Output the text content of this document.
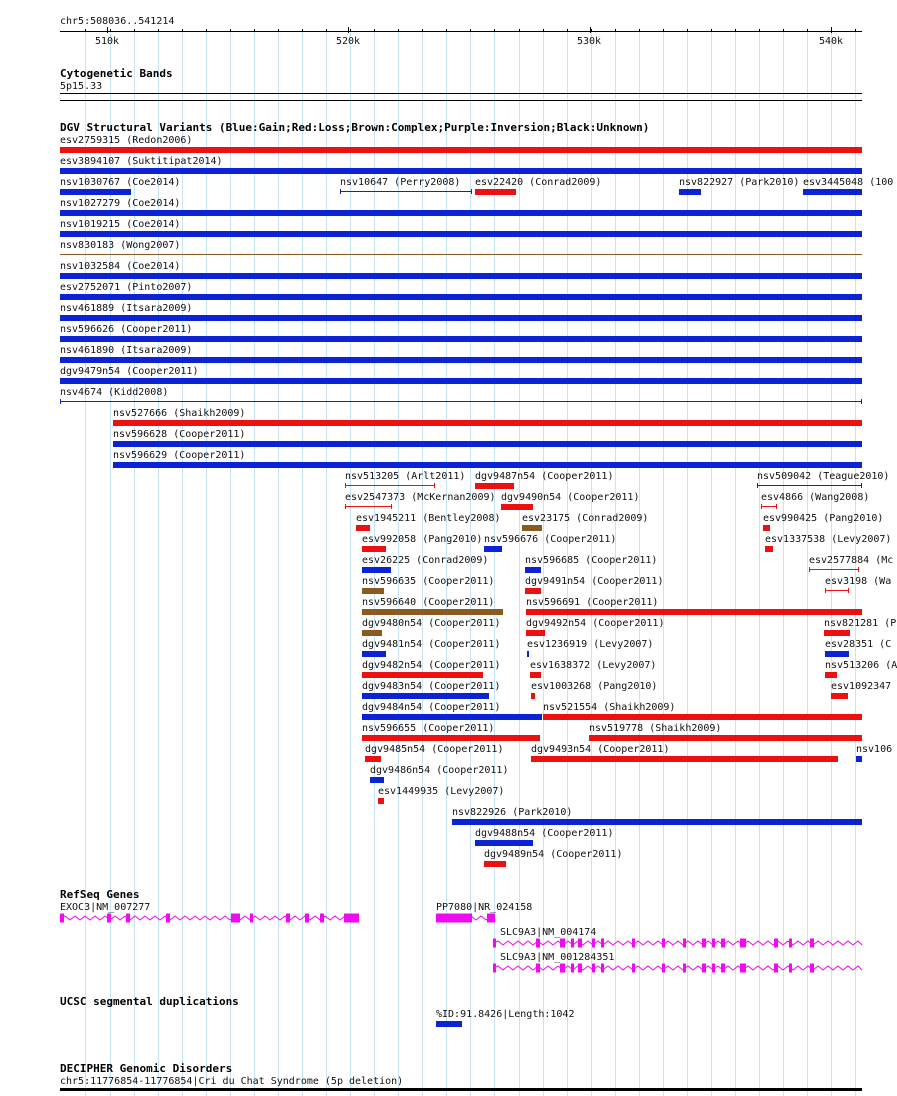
chr5:508036..541214
510k	520k	530k	540k
Cytogenetic Bands
5p15.33
DGV Structural Variants (Blue:Gain;Red:Loss;Brown:Complex;Purple:Inversion;Black:Unknown)
esv2759315 (Redon2006)
esv3894107 (Suktitipat2014)
nsv1030767 (Coe2014)	nsv10647 (Perry2008) esv22420 (Conrad2009)	nsv822927 (Park2010) esv3445048 (100
nsv1027279 (Coe2014)
nsv1019215 (Coe2014)
nsv830183 (Wong2007)
nsv1032584 (Coe2014)
esv2752071 (Pinto2007)
nsv461889 (Itsara2009)
nsv596626 (Cooper2011)
nsv461890 (Itsara2009)
dgv9479n54 (Cooper2011)
nsv4674 (Kidd2008)
nsv527666 (Shaikh2009)
nsv596628 (Cooper2011)
nsv596629 (Cooper2011)
nsv513205 (Arlt2011) dgv9487n54 (Cooper2011)	nsv509042 (Teague2010)
esv2547373 (McKernan2009) dgv9490n54 (Cooper2011)	esv4866 (Wang2008)
esv1945211 (Bentley2008) esv23175 (Conrad2009)	esv990425 (Pang2010)
esv992058 (Pang2010) nsv596676 (Cooper2011)	esv1337538 (Levy2007)
esv26225 (Conrad2009)	nsv596685 (Cooper2011)	esv2577884 (Mc
nsv596635 (Cooper2011)	dgv9491n54 (Cooper2011)	esv3198 (Wa
nsv596640 (Cooper2011)	nsv596691 (Cooper2011)
dgv9480n54 (Cooper2011)	dgv9492n54 (Cooper2011)	nsv821281 (P
dgv9481n54 (Cooper2011)	esv1236919 (Levy2007)	esv28351 (C
dgv9482n54 (Cooper2011)	esv1638372 (Levy2007)	nsv513206 (A
dgv9483n54 (Cooper2011)	esv1003268 (Pang2010)	esv1092347
dgv9484n54 (Cooper2011)	nsv521554 (Shaikh2009)
nsv596655 (Cooper2011)	nsv519778 (Shaikh2009)
dgv9485n54 (Cooper2011)	dgv9493n54 (Cooper2011)	nsv106
dgv9486n54 (Cooper2011)
esv1449935 (Levy2007)
nsv822926 (Park2010)
dgv9488n54 (Cooper2011)
dgv9489n54 (Cooper2011)
RefSeq Genes
EXOC3|NM_007277	PP7080|NR_024158
SLC9A3|NM_004174
SLC9A3|NM_001284351
UCSC segmental duplications
%ID:91.8426|Length:1042
DECIPHER Genomic Disorders
chr5:11776854-11776854|Cri du Chat Syndrome (5p deletion)
